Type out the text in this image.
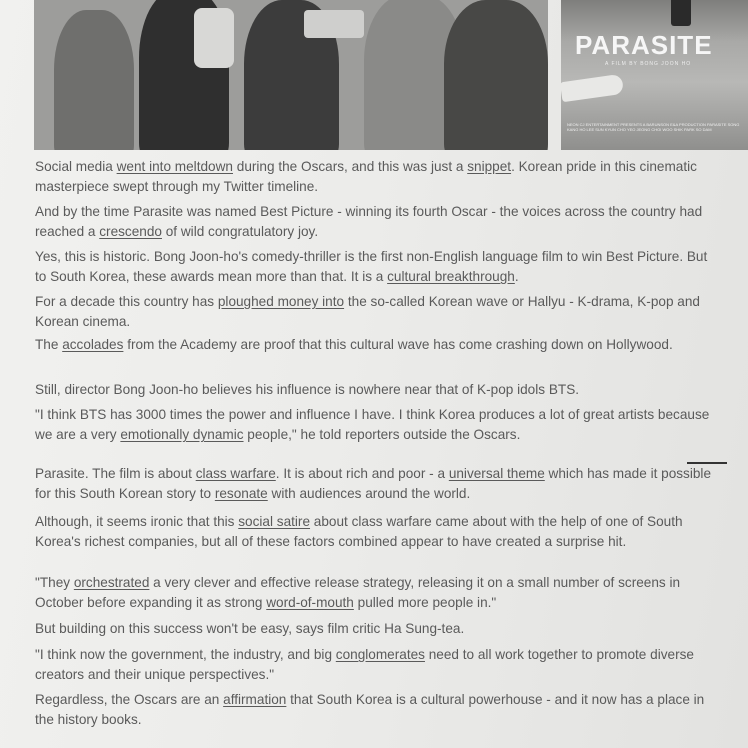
PARASITE
A FILM BY BONG JOON HO
NEON CJ ENTERTAINMENT PRESENTS A BARUNSON E&A PRODUCTION PARASITE SONG KANG HO LEE SUN KYUN CHO YEO JEONG CHOI WOO SHIK PARK SO DAM

Social media went into meltdown during the Oscars, and this was just a snippet. Korean pride in this cinematic masterpiece swept through my Twitter timeline.

And by the time Parasite was named Best Picture - winning its fourth Oscar - the voices across the country had reached a crescendo of wild congratulatory joy.

Yes, this is historic. Bong Joon-ho's comedy-thriller is the first non-English language film to win Best Picture. But to South Korea, these awards mean more than that. It is a cultural breakthrough.

For a decade this country has ploughed money into the so-called Korean wave or Hallyu - K-drama, K-pop and Korean cinema.

The accolades from the Academy are proof that this cultural wave has come crashing down on Hollywood.

Still, director Bong Joon-ho believes his influence is nowhere near that of K-pop idols BTS.

"I think BTS has 3000 times the power and influence I have. I think Korea produces a lot of great artists because we are a very emotionally dynamic people," he told reporters outside the Oscars.

Parasite. The film is about class warfare. It is about rich and poor - a universal theme which has made it possible for this South Korean story to resonate with audiences around the world.

Although, it seems ironic that this social satire about class warfare came about with the help of one of South Korea's richest companies, but all of these factors combined appear to have created a surprise hit.

"They orchestrated a very clever and effective release strategy, releasing it on a small number of screens in October before expanding it as strong word-of-mouth pulled more people in."

But building on this success won't be easy, says film critic Ha Sung-tea.

"I think now the government, the industry, and big conglomerates need to all work together to promote diverse creators and their unique perspectives."

Regardless, the Oscars are an affirmation that South Korea is a cultural powerhouse - and it now has a place in the history books.
